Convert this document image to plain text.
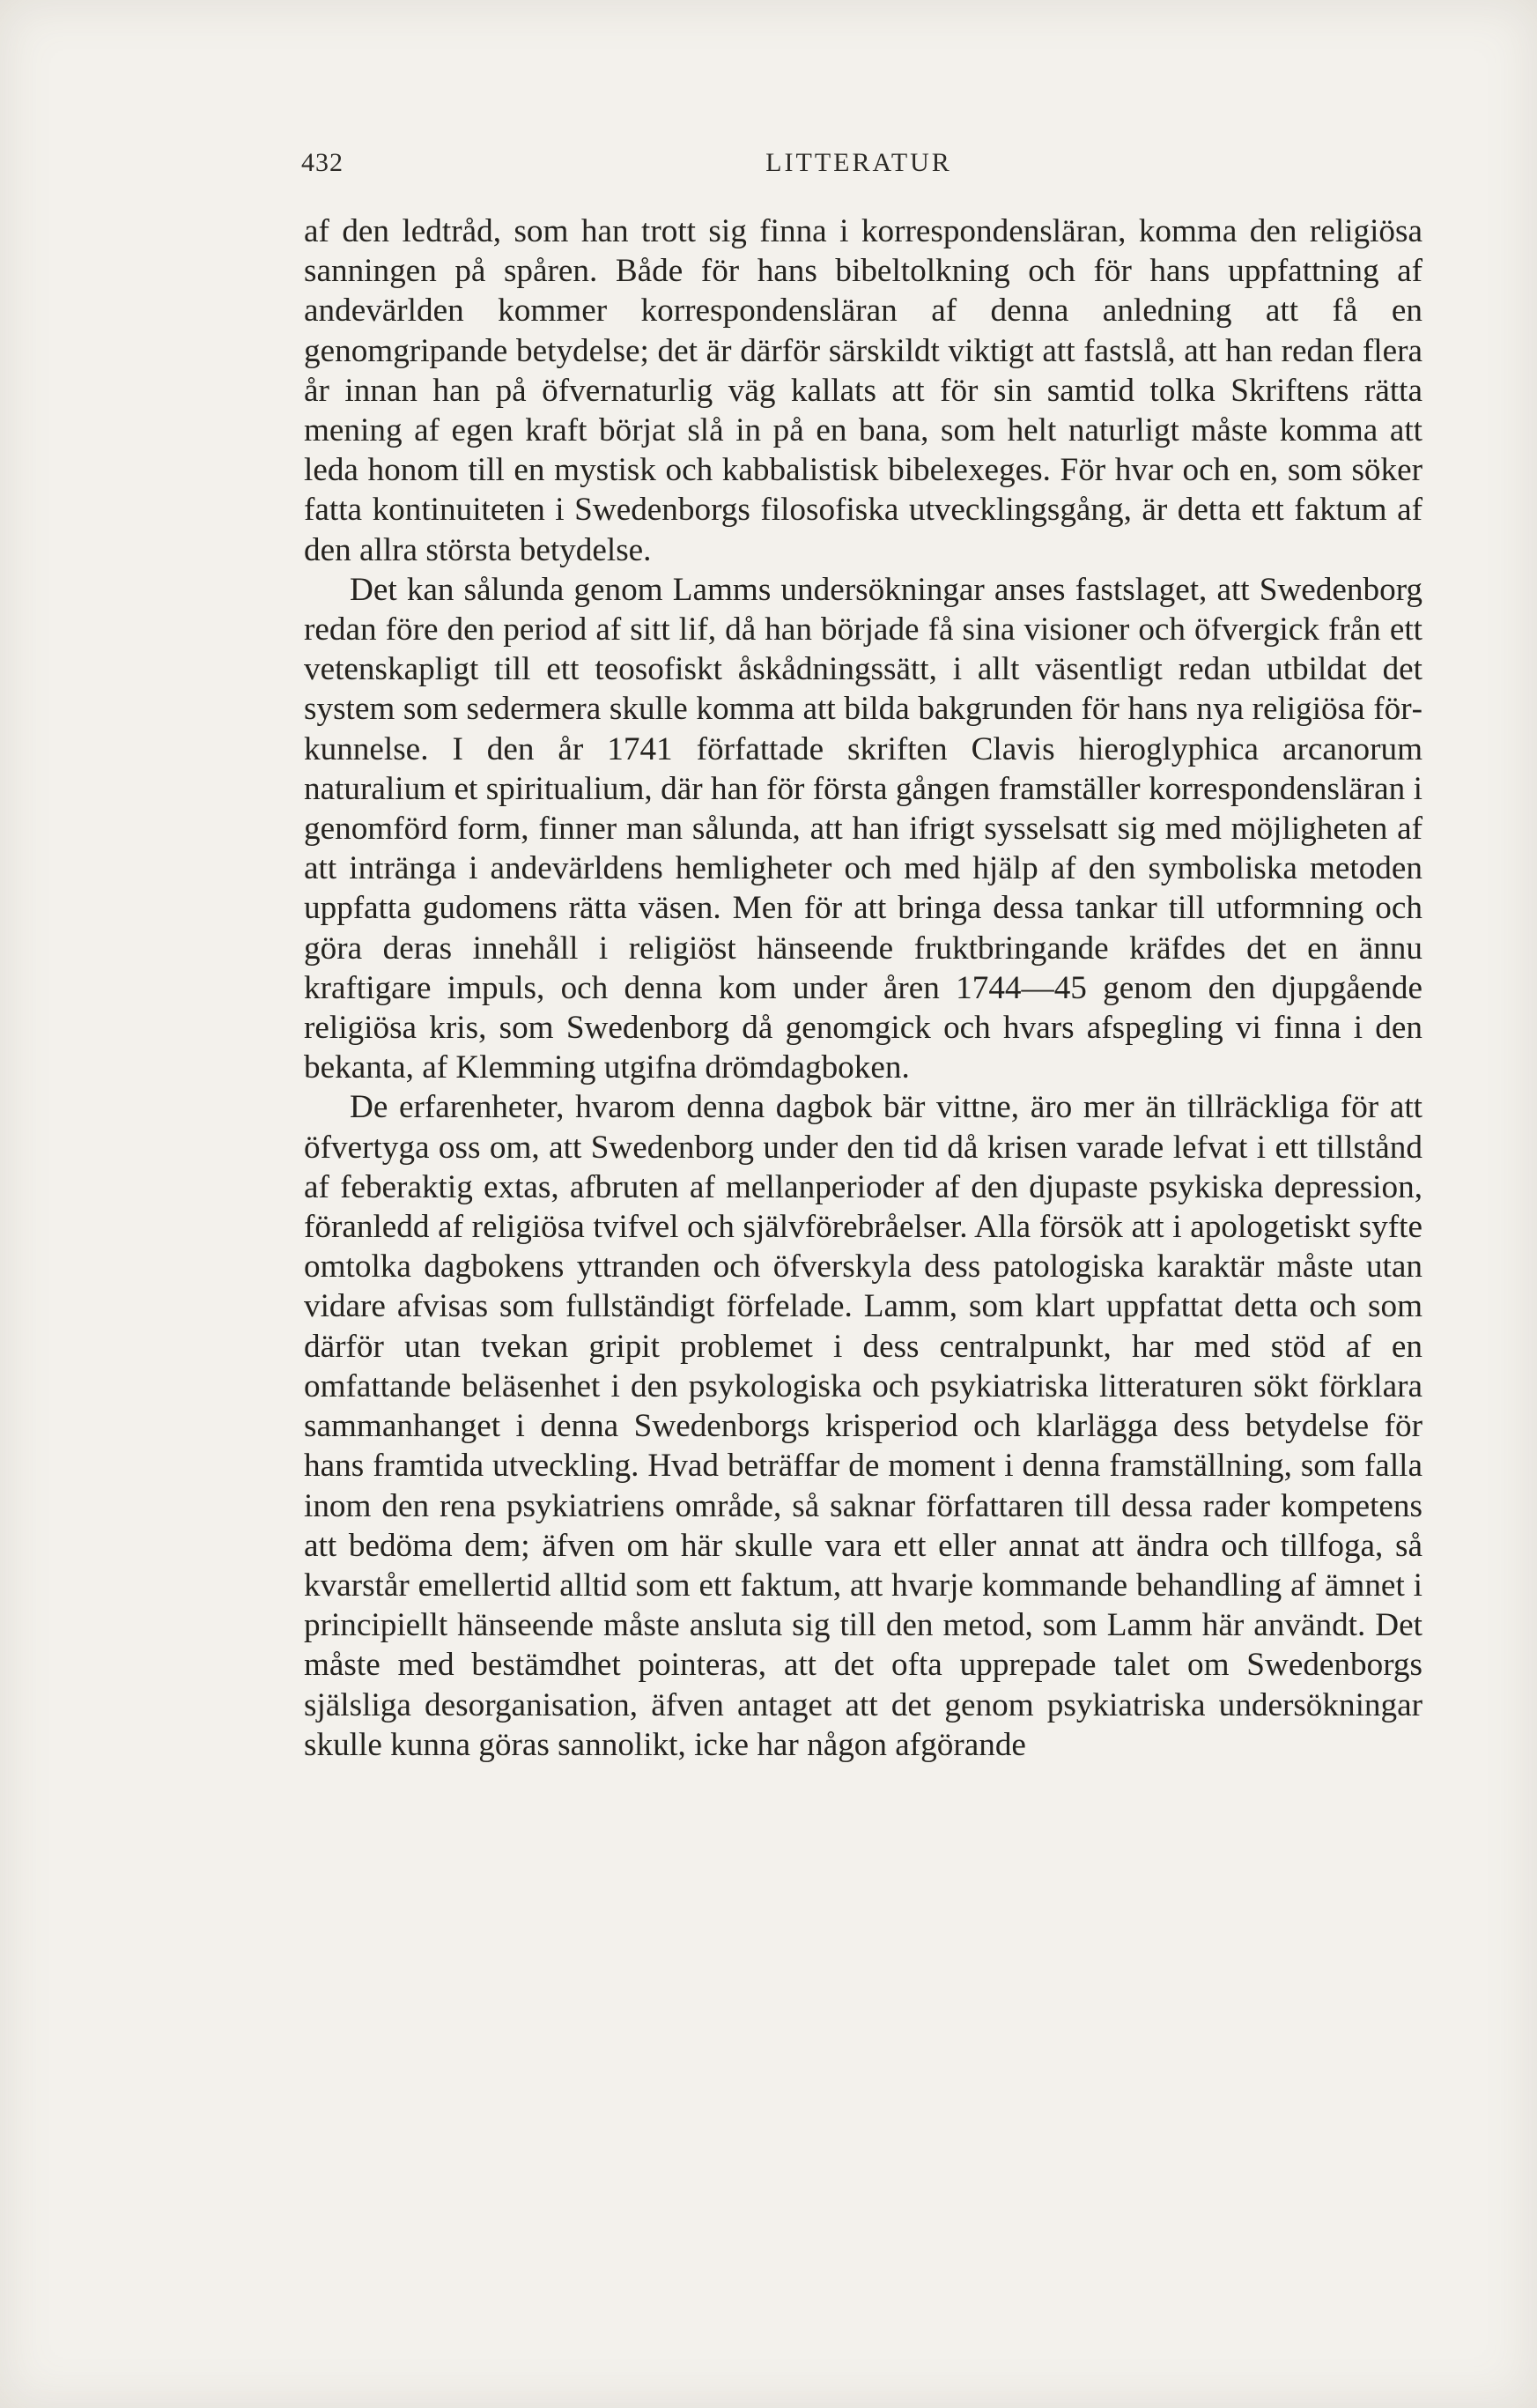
432	LITTERATUR

af den ledtråd, som han trott sig finna i korrespondensläran, komma den religiösa sanningen på spåren. Både för hans bibeltolkning och för hans uppfattning af andevärlden kommer korrespondensläran af denna anledning att få en genomgripande betydelse; det är därför särskildt viktigt att fastslå, att han redan flera år innan han på öfvernaturlig väg kallats att för sin samtid tolka Skriftens rätta mening af egen kraft börjat slå in på en bana, som helt naturligt måste komma att leda honom till en mystisk och kabbalistisk bibelexeges. För hvar och en, som söker fatta kontinuiteten i Swedenborgs filosofiska utvecklingsgång, är detta ett faktum af den allra största betydelse.

Det kan sålunda genom Lamms undersökningar anses fastslaget, att Swedenborg redan före den period af sitt lif, då han började få sina visioner och öfvergick från ett vetenskapligt till ett teosofiskt åskådningssätt, i allt väsentligt redan utbildat det system som sedermera skulle komma att bilda bakgrunden för hans nya religiösa förkunnelse. I den år 1741 författade skriften Clavis hieroglyphica arcanorum naturalium et spiritualium, där han för första gången framställer korrespondensläran i genomförd form, finner man sålunda, att han ifrigt sysselsatt sig med möjligheten af att intränga i andevärldens hemligheter och med hjälp af den symboliska metoden uppfatta gudomens rätta väsen. Men för att bringa dessa tankar till utformning och göra deras innehåll i religiöst hänseende fruktbringande kräfdes det en ännu kraftigare impuls, och denna kom under åren 1744—45 genom den djupgående religiösa kris, som Swedenborg då genomgick och hvars afspegling vi finna i den bekanta, af Klemming utgifna drömdagboken.

De erfarenheter, hvarom denna dagbok bär vittne, äro mer än tillräckliga för att öfvertyga oss om, att Swedenborg under den tid då krisen varade lefvat i ett tillstånd af feberaktig extas, afbruten af mellanperioder af den djupaste psykiska depression, föranledd af religiösa tvifvel och självförebråelser. Alla försök att i apologetiskt syfte omtolka dagbokens yttranden och öfverskyla dess patologiska karaktär måste utan vidare afvisas som fullständigt förfelade. Lamm, som klart uppfattat detta och som därför utan tvekan gripit problemet i dess centralpunkt, har med stöd af en omfattande beläsenhet i den psykologiska och psykiatriska litteraturen sökt förklara sammanhanget i denna Swedenborgs krisperiod och klarlägga dess betydelse för hans framtida utveckling. Hvad beträffar de moment i denna framställning, som falla inom den rena psykiatriens område, så saknar författaren till dessa rader kompetens att bedöma dem; äfven om här skulle vara ett eller annat att ändra och tillfoga, så kvarstår emellertid alltid som ett faktum, att hvarje kommande behandling af ämnet i principiellt hänseende måste ansluta sig till den metod, som Lamm här användt. Det måste med bestämdhet pointeras, att det ofta upprepade talet om Swedenborgs själsliga desorganisation, äfven antaget att det genom psykiatriska undersökningar skulle kunna göras sannolikt, icke har någon afgörande
